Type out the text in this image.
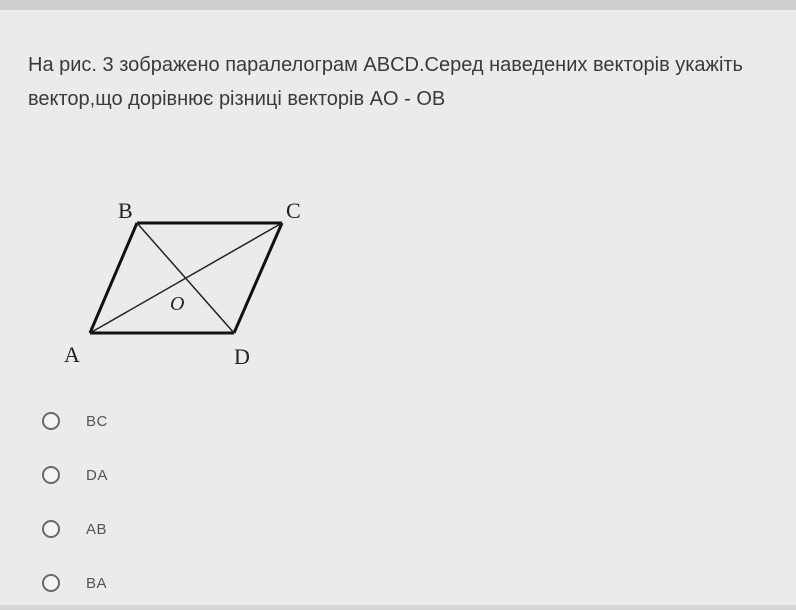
На рис. 3 зображено паралелограм ABCD.Серед наведених векторів укажіть вектор,що дорівнює різниці векторів AO - OB

B	C
A	D
O
BC
DA
AB
BA
